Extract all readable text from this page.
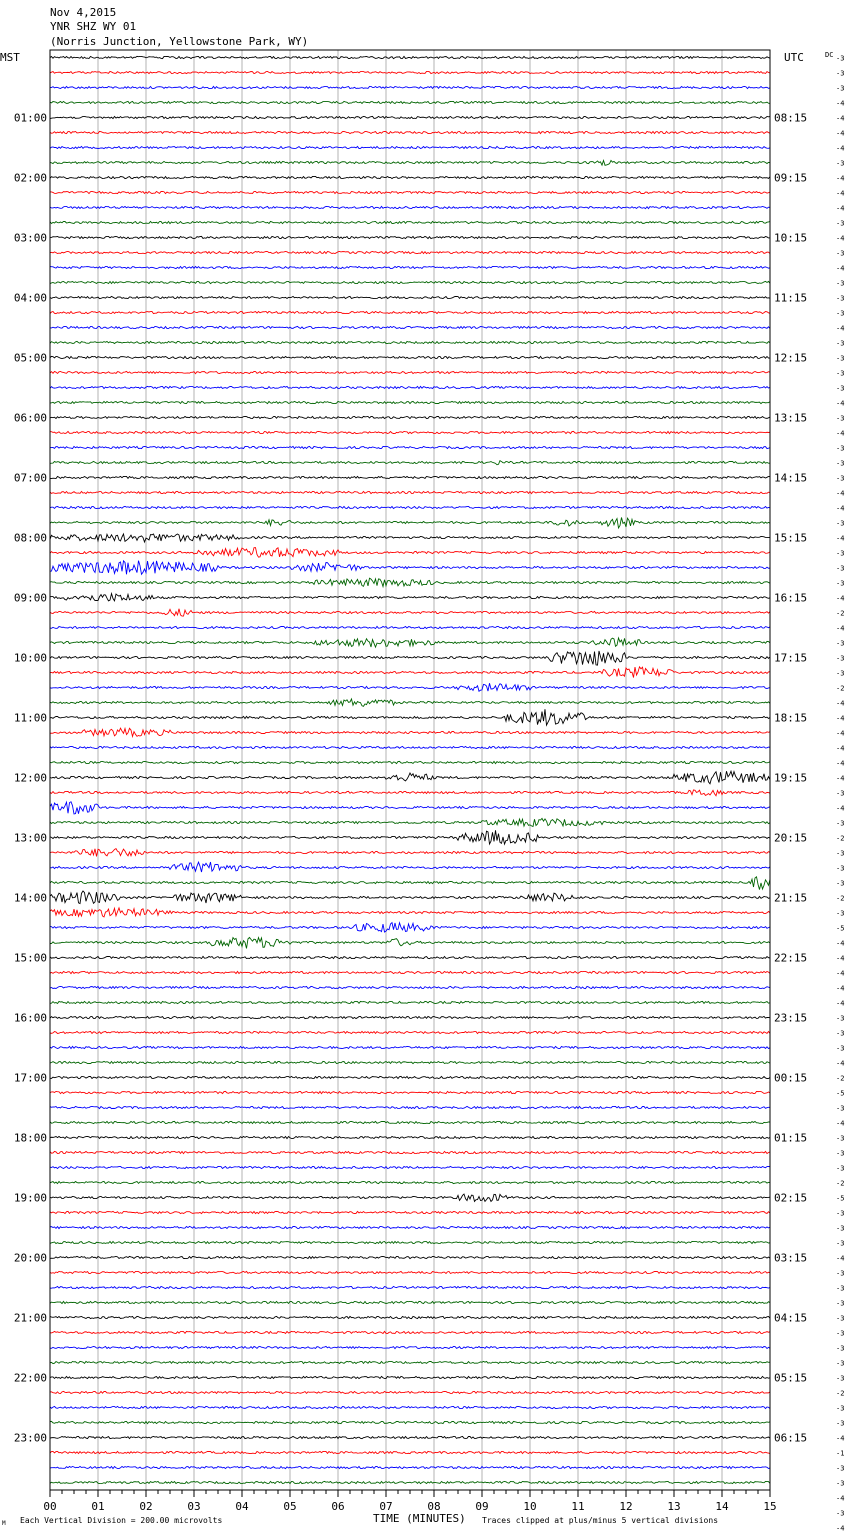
Nov 4,2015
YNR SHZ WY 01
(Norris Junction, Yellowstone Park, WY)
MST	UTC	DC
00	01	02	03	04	05	06	07	08	09	10	11	12	13	14	15
01:00
02:00
03:00
04:00
05:00
06:00
07:00
08:00
09:00
10:00
11:00
12:00
13:00
14:00
15:00
16:00
17:00
18:00
19:00
20:00
21:00
22:00
23:00
08:15
09:15
10:15
11:15
12:15
13:15
14:15
15:15
16:15
17:15
18:15
19:15
20:15
21:15
22:15
23:15
00:15
01:15
02:15
03:15
04:15
05:15
06:15
-3
-3
-3
-4
-4
-4
-4
-3
-4
-4
-4
-3
-4
-3
-4
-3
-3
-3
-4
-3
-3
-3
-3
-4
-3
-4
-3
-3
-3
-4
-4
-3
-4
-3
-3
-3
-4
-2
-4
-3
-3
-3
-2
-4
-4
-4
-4
-4
-4
-3
-4
-3
-2
-3
-3
-3
-2
-3
-5
-4
-4
-4
-4
-4
-3
-3
-3
-4
-2
-5
-3
-4
-3
-3
-3
-2
-5
-3
-3
-3
-4
-3
-3
-3
-3
-3
-3
-3
-3
-2
-3
-3
-4
-1
-3
-3
-4
-3
-4
M Each Vertical Division = 200.00 microvolts	TIME (MINUTES) Traces clipped at plus/minus 5 vertical divisions
